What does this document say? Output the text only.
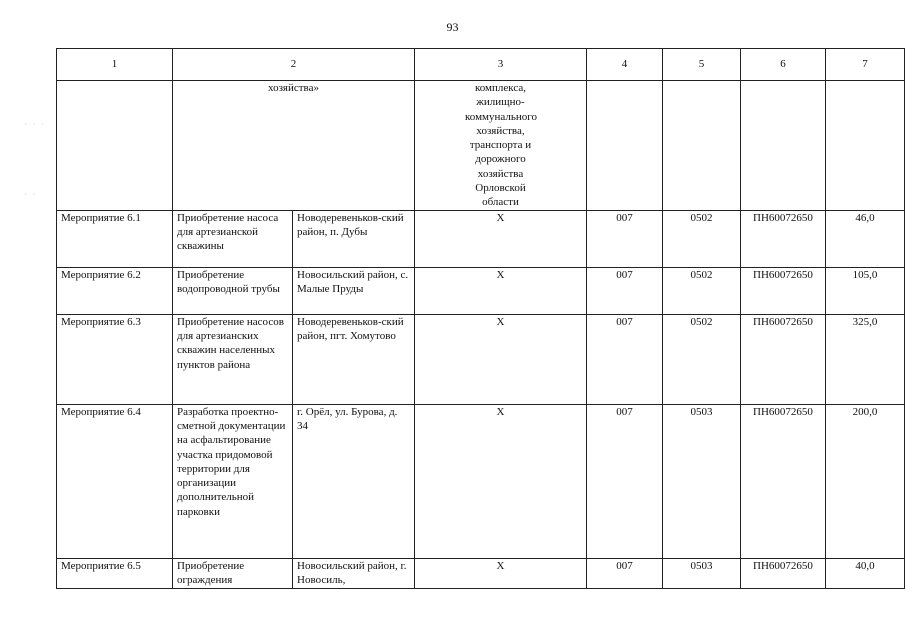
93
· · ·
· ·
1	2		3	4	5	6	7
	хозяйства»		комплекса, жилищно-коммунального хозяйства, транспорта и дорожного хозяйства Орловской области				
Мероприятие 6.1	Приобретение насоса для артезианской скважины	Новодеревеньков-ский район, п. Дубы	Х	007	0502	ПН60072650	46,0
Мероприятие 6.2	Приобретение водопроводной трубы	Новосильский район, с. Малые Пруды	Х	007	0502	ПН60072650	105,0
Мероприятие 6.3	Приобретение насосов для артезианских скважин населенных пунктов района	Новодеревеньков-ский район, пгт. Хомутово	Х	007	0502	ПН60072650	325,0
Мероприятие 6.4	Разработка проектно-сметной документации на асфальтирование участка придомовой территории для организации дополнительной парковки	г. Орёл, ул. Бурова, д. 34	Х	007	0503	ПН60072650	200,0
Мероприятие 6.5	Приобретение ограждения	Новосильский район, г. Новосиль,	Х	007	0503	ПН60072650	40,0
